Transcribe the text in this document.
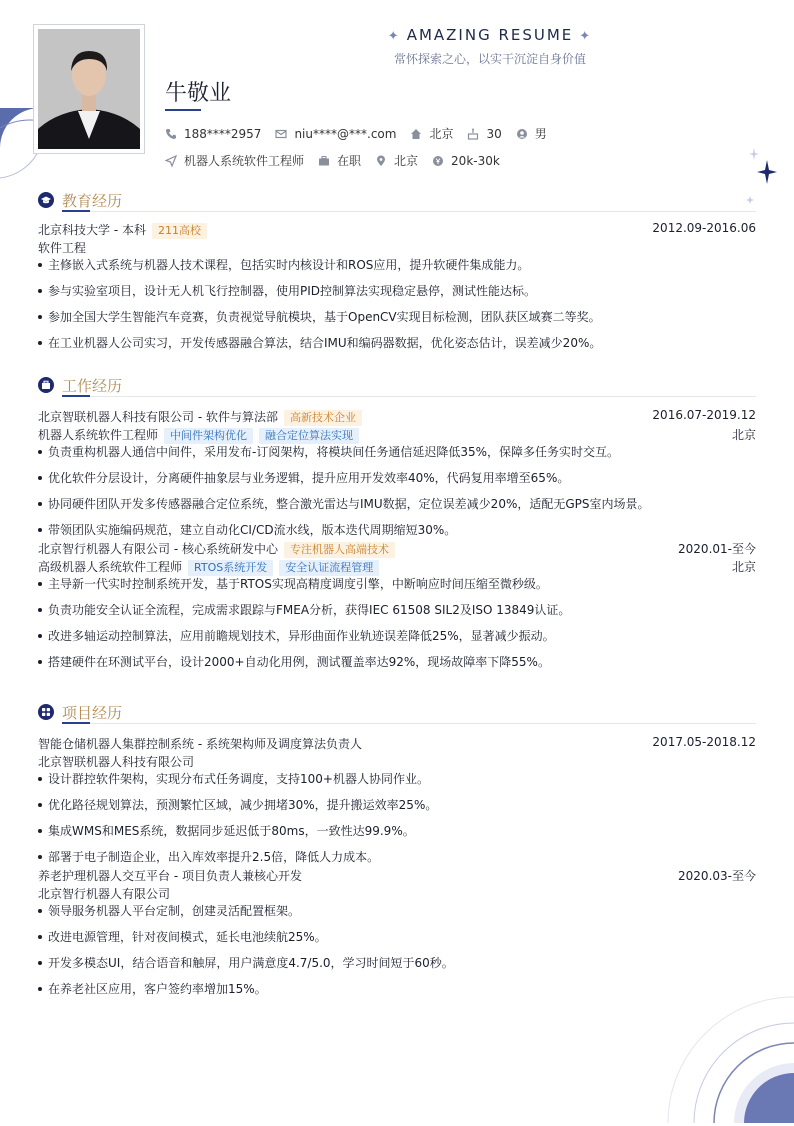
✦ AMAZING RESUME ✦
常怀探索之心，以实干沉淀自身价值
牛敬业
188****2957	niu****@***.com	北京	30	男
机器人系统软件工程师	在职	北京	20k-30k
教育经历
北京科技大学 - 本科 211高校	2012.09-2016.06
软件工程
主修嵌入式系统与机器人技术课程，包括实时内核设计和ROS应用，提升软硬件集成能力。
参与实验室项目，设计无人机飞行控制器，使用PID控制算法实现稳定悬停，测试性能达标。
参加全国大学生智能汽车竞赛，负责视觉导航模块，基于OpenCV实现目标检测，团队获区域赛二等奖。
在工业机器人公司实习，开发传感器融合算法，结合IMU和编码器数据，优化姿态估计，误差减少20%。
工作经历
北京智联机器人科技有限公司 - 软件与算法部 高新技术企业	2016.07-2019.12
机器人系统软件工程师 中间件架构优化 融合定位算法实现	北京
负责重构机器人通信中间件，采用发布-订阅架构，将模块间任务通信延迟降低35%，保障多任务实时交互。
优化软件分层设计，分离硬件抽象层与业务逻辑，提升应用开发效率40%，代码复用率增至65%。
协同硬件团队开发多传感器融合定位系统，整合激光雷达与IMU数据，定位误差减少20%，适配无GPS室内场景。
带领团队实施编码规范，建立自动化CI/CD流水线，版本迭代周期缩短30%。
北京智行机器人有限公司 - 核心系统研发中心 专注机器人高端技术	2020.01-至今
高级机器人系统软件工程师 RTOS系统开发 安全认证流程管理	北京
主导新一代实时控制系统开发，基于RTOS实现高精度调度引擎，中断响应时间压缩至微秒级。
负责功能安全认证全流程，完成需求跟踪与FMEA分析，获得IEC 61508 SIL2及ISO 13849认证。
改进多轴运动控制算法，应用前瞻规划技术，异形曲面作业轨迹误差降低25%，显著减少振动。
搭建硬件在环测试平台，设计2000+自动化用例，测试覆盖率达92%，现场故障率下降55%。
项目经历
智能仓储机器人集群控制系统 - 系统架构师及调度算法负责人	2017.05-2018.12
北京智联机器人科技有限公司
设计群控软件架构，实现分布式任务调度，支持100+机器人协同作业。
优化路径规划算法，预测繁忙区域，减少拥堵30%，提升搬运效率25%。
集成WMS和MES系统，数据同步延迟低于80ms，一致性达99.9%。
部署于电子制造企业，出入库效率提升2.5倍，降低人力成本。
养老护理机器人交互平台 - 项目负责人兼核心开发	2020.03-至今
北京智行机器人有限公司
领导服务机器人平台定制，创建灵活配置框架。
改进电源管理，针对夜间模式，延长电池续航25%。
开发多模态UI，结合语音和触屏，用户满意度4.7/5.0，学习时间短于60秒。
在养老社区应用，客户签约率增加15%。
